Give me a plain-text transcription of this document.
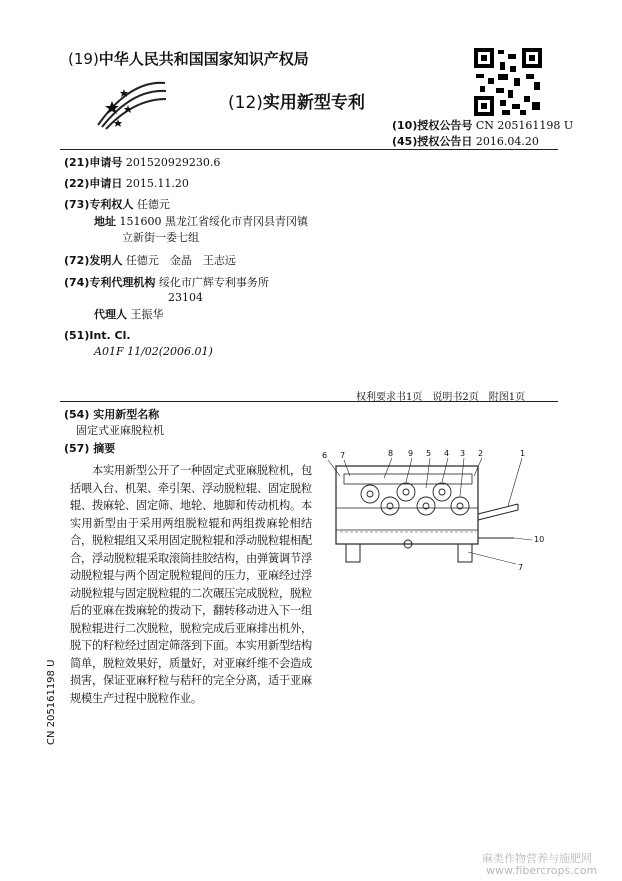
(19)中华人民共和国国家知识产权局
(12)实用新型专利
(10)授权公告号 CN 205161198 U
(45)授权公告日 2016.04.20
(21)申请号 201520929230.6
(22)申请日 2015.11.20
(73)专利权人 任德元
地址 151600 黑龙江省绥化市青冈县青冈镇
立新街一委七组
(72)发明人 任德元　金晶　王志远
(74)专利代理机构 绥化市广辉专利事务所
23104
代理人 王振华
(51)Int. Cl.
A01F 11/02(2006.01)
权利要求书1页　说明书2页　附图1页
(54) 实用新型名称
固定式亚麻脱粒机
(57) 摘要
　　本实用新型公开了一种固定式亚麻脱粒机，包括喂入台、机架、牵引架、浮动脱粒辊、固定脱粒辊、拨麻轮、固定筛、地轮、地脚和传动机构。本实用新型由于采用两组脱粒辊和两组拨麻轮相结合，脱粒辊组又采用固定脱粒辊和浮动脱粒辊相配合，浮动脱粒辊采取滚筒挂胶结构，由弹簧调节浮动脱粒辊与两个固定脱粒辊间的压力，亚麻经过浮动脱粒辊与固定脱粒辊的二次碾压完成脱粒，脱粒后的亚麻在拨麻轮的拨动下，翻转移动进入下一组脱粒辊进行二次脱粒，脱粒完成后亚麻排出机外，脱下的籽粒经过固定筛落到下面。本实用新型结构简单，脱粒效果好，质量好，对亚麻纤维不会造成损害，保证亚麻籽粒与秸秆的完全分离，适于亚麻规模生产过程中脱粒作业。
6 7	8 9 5 4 3 2	1
10
7
CN 205161198 U
麻类作物营养与施肥网
www.fibercrops.com
